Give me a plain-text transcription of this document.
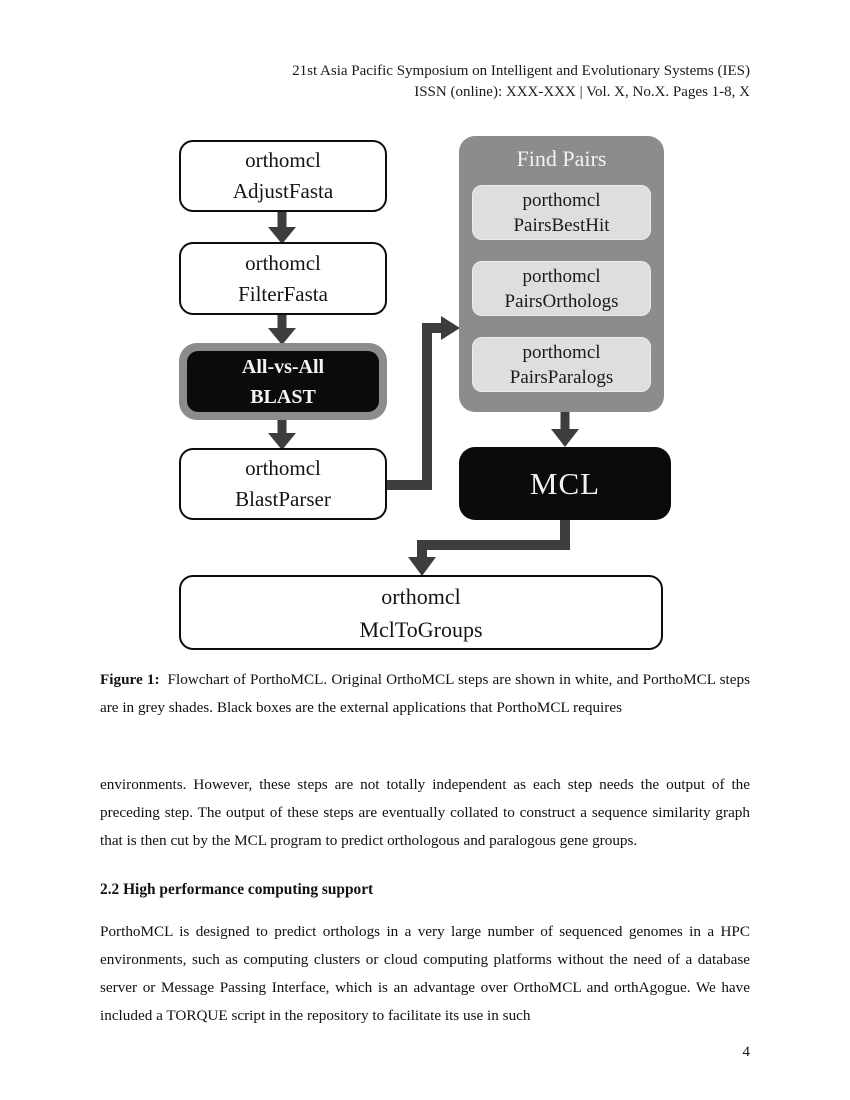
21st Asia Pacific Symposium on Intelligent and Evolutionary Systems (IES)
ISSN (online): XXX-XXX | Vol. X, No.X. Pages 1-8, X
orthomcl
AdjustFasta
orthomcl
FilterFasta
All-vs-All
BLAST
orthomcl
BlastParser
Find Pairs
porthomcl
PairsBestHit
porthomcl
PairsOrthologs
porthomcl
PairsParalogs
MCL
orthomcl
MclToGroups
Figure 1: Flowchart of PorthoMCL. Original OrthoMCL steps are shown in white, and PorthoMCL steps are in grey shades. Black boxes are the external applications that PorthoMCL requires
environments. However, these steps are not totally independent as each step needs the output of the preceding step. The output of these steps are eventually collated to construct a sequence similarity graph that is then cut by the MCL program to predict orthologous and paralogous gene groups.
2.2 High performance computing support
PorthoMCL is designed to predict orthologs in a very large number of sequenced genomes in a HPC environments, such as computing clusters or cloud computing platforms without the need of a database server or Message Passing Interface, which is an advantage over OrthoMCL and orthAgogue. We have included a TORQUE script in the repository to facilitate its use in such
4
